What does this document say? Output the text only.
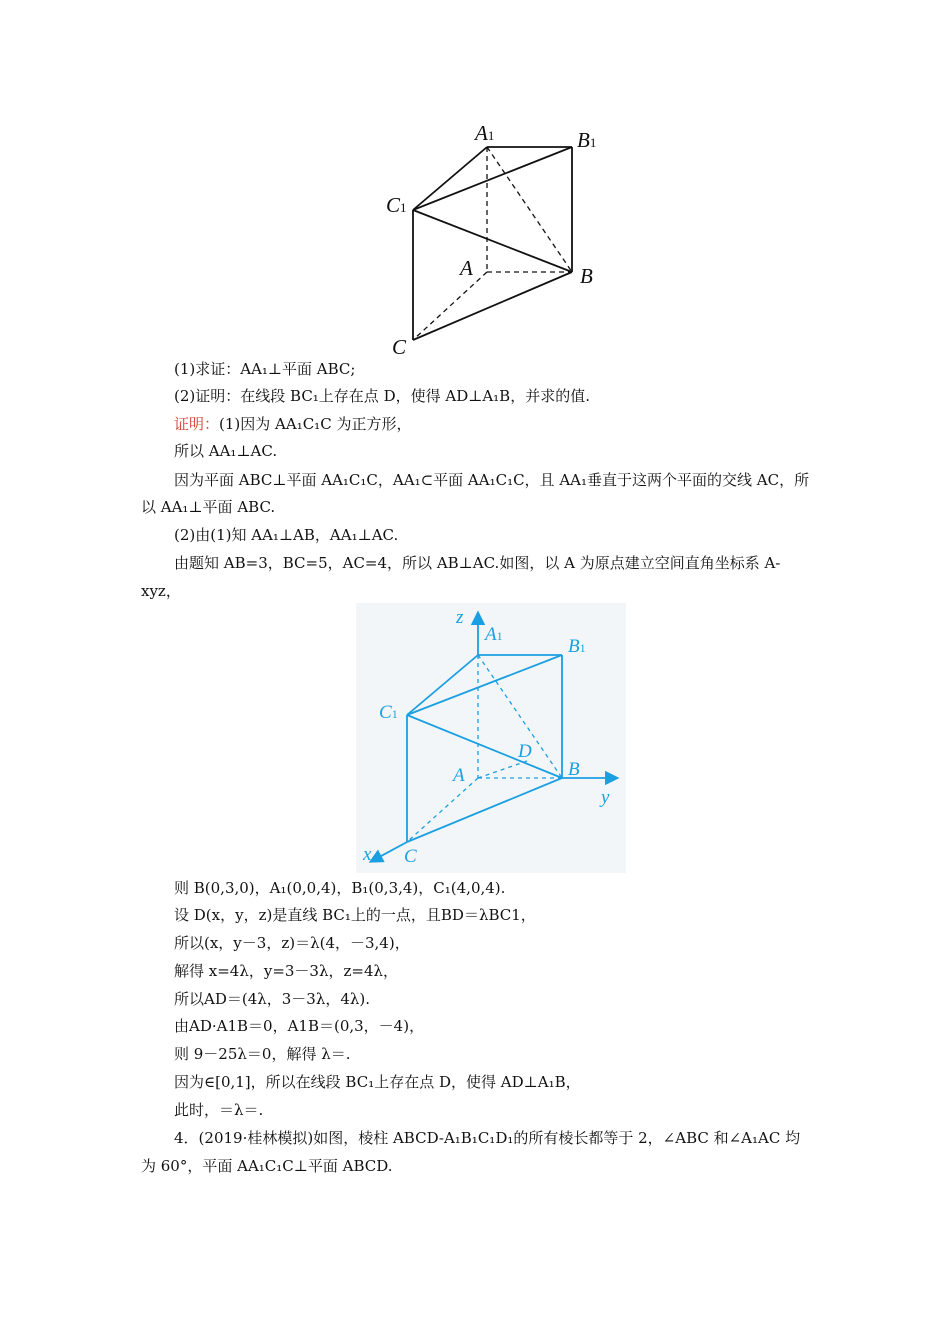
A1	B1
C1
A	B
C
z
y
x
A1	B1
C1
D
A	B
C
(1)求证：AA₁⊥平面 ABC;
(2)证明：在线段 BC₁上存在点 D，使得 AD⊥A₁B，并求的值.
证明：(1)因为 AA₁C₁C 为正方形，
所以 AA₁⊥AC.
因为平面 ABC⊥平面 AA₁C₁C，AA₁⊂平面 AA₁C₁C，且 AA₁垂直于这两个平面的交线 AC，所
以 AA₁⊥平面 ABC.
(2)由(1)知 AA₁⊥AB，AA₁⊥AC.
由题知 AB=3，BC=5，AC=4，所以 AB⊥AC.如图，以 A 为原点建立空间直角坐标系 A-
xyz，
则 B(0,3,0)，A₁(0,0,4)，B₁(0,3,4)，C₁(4,0,4).
设 D(x，y，z)是直线 BC₁上的一点，且BD＝λBC1，
所以(x，y－3，z)＝λ(4，－3,4)，
解得 x=4λ，y=3－3λ，z=4λ，
所以AD＝(4λ，3－3λ，4λ).
由AD·A1B＝0，A1B＝(0,3，－4)，
则 9－25λ＝0，解得 λ＝.
因为∈[0,1]，所以在线段 BC₁上存在点 D，使得 AD⊥A₁B，
此时，＝λ＝.
4．(2019·桂林模拟)如图，棱柱 ABCD-A₁B₁C₁D₁的所有棱长都等于 2，∠ABC 和∠A₁AC 均
为 60°，平面 AA₁C₁C⊥平面 ABCD.
